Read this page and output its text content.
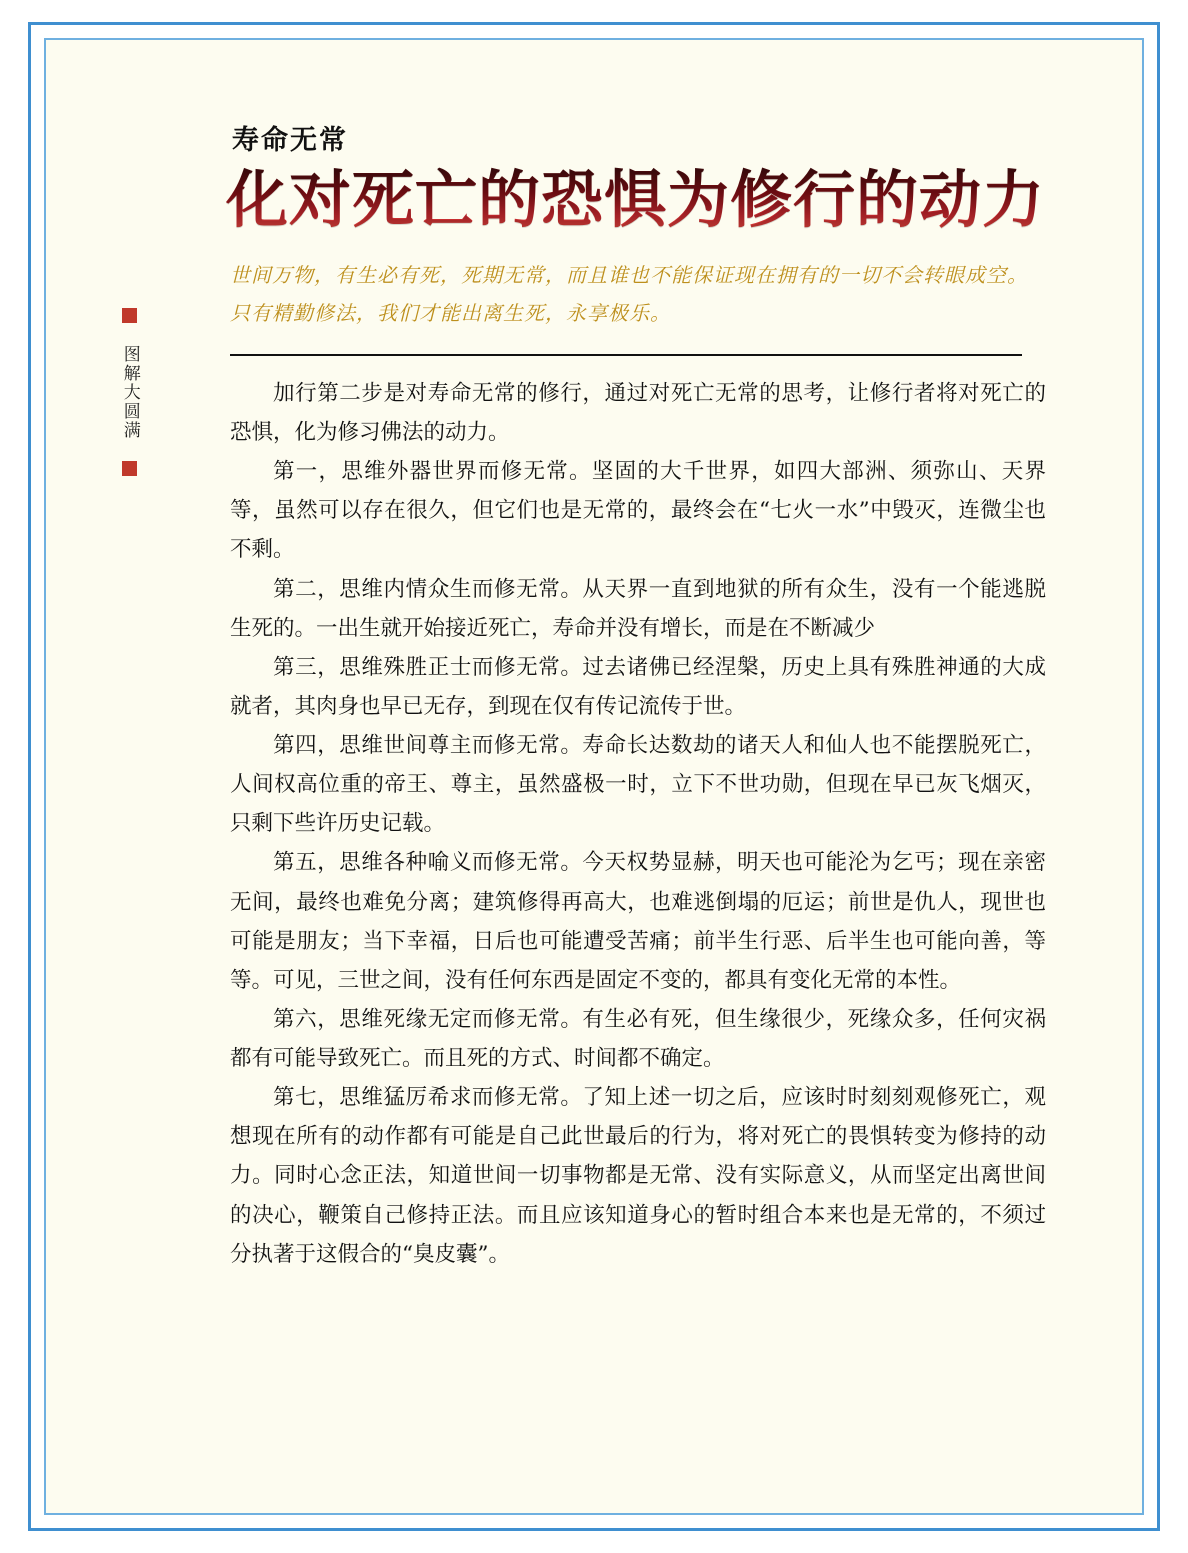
图解大圆满
寿命无常
化对死亡的恐惧为修行的动力
世间万物，有生必有死，死期无常，而且谁也不能保证现在拥有的一切不会转眼成空。只有精勤修法，我们才能出离生死，永享极乐。

加行第二步是对寿命无常的修行，通过对死亡无常的思考，让修行者将对死亡的恐惧，化为修习佛法的动力。

第一，思维外器世界而修无常。坚固的大千世界，如四大部洲、须弥山、天界等，虽然可以存在很久，但它们也是无常的，最终会在“七火一水”中毁灭，连微尘也不剩。

第二，思维内情众生而修无常。从天界一直到地狱的所有众生，没有一个能逃脱生死的。一出生就开始接近死亡，寿命并没有增长，而是在不断减少

第三，思维殊胜正士而修无常。过去诸佛已经涅槃，历史上具有殊胜神通的大成就者，其肉身也早已无存，到现在仅有传记流传于世。

第四，思维世间尊主而修无常。寿命长达数劫的诸天人和仙人也不能摆脱死亡，人间权高位重的帝王、尊主，虽然盛极一时，立下不世功勋，但现在早已灰飞烟灭，只剩下些许历史记载。

第五，思维各种喻义而修无常。今天权势显赫，明天也可能沦为乞丐；现在亲密无间，最终也难免分离；建筑修得再高大，也难逃倒塌的厄运；前世是仇人，现世也可能是朋友；当下幸福，日后也可能遭受苦痛；前半生行恶、后半生也可能向善，等等。可见，三世之间，没有任何东西是固定不变的，都具有变化无常的本性。

第六，思维死缘无定而修无常。有生必有死，但生缘很少，死缘众多，任何灾祸都有可能导致死亡。而且死的方式、时间都不确定。

第七，思维猛厉希求而修无常。了知上述一切之后，应该时时刻刻观修死亡，观想现在所有的动作都有可能是自己此世最后的行为，将对死亡的畏惧转变为修持的动力。同时心念正法，知道世间一切事物都是无常、没有实际意义，从而坚定出离世间的决心，鞭策自己修持正法。而且应该知道身心的暂时组合本来也是无常的，不须过分执著于这假合的“臭皮囊”。
